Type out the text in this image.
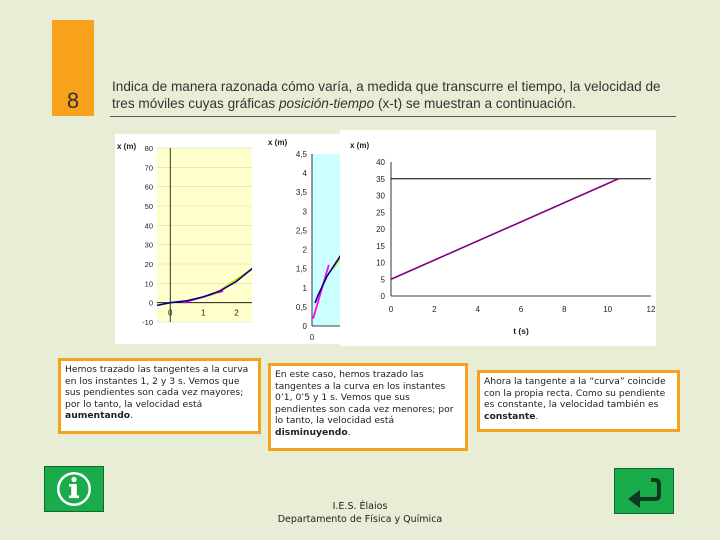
8
Indica de manera razonada cómo varía, a medida que transcurre el tiempo, la velocidad de tres móviles cuyas gráficas posición-tiempo (x-t) se muestran a continuación.
80
70
60
50
40
30
20
10
0
-10
0	1	2
x (m)
4,5
4
3,5
3
2,5
2
1,5
1
0,5
0
0
x (m)
40
35
30
25
20
15
10
5
0
0	2	4	6	8	10	12
x (m)
t (s)
Hemos trazado las tangentes a la curva en los instantes 1, 2 y 3 s. Vemos que sus pendientes son cada vez mayores; por lo tanto, la velocidad está aumentando.
En este caso, hemos trazado las tangentes a la curva en los instantes 0’1, 0’5 y 1 s. Vemos que sus pendientes son cada vez menores; por lo tanto, la velocidad está disminuyendo.
Ahora la tangente a la “curva” coincide con la propia recta. Como su pendiente es constante, la velocidad también es constante.
I.E.S. Élaios
Departamento de Física y Química
